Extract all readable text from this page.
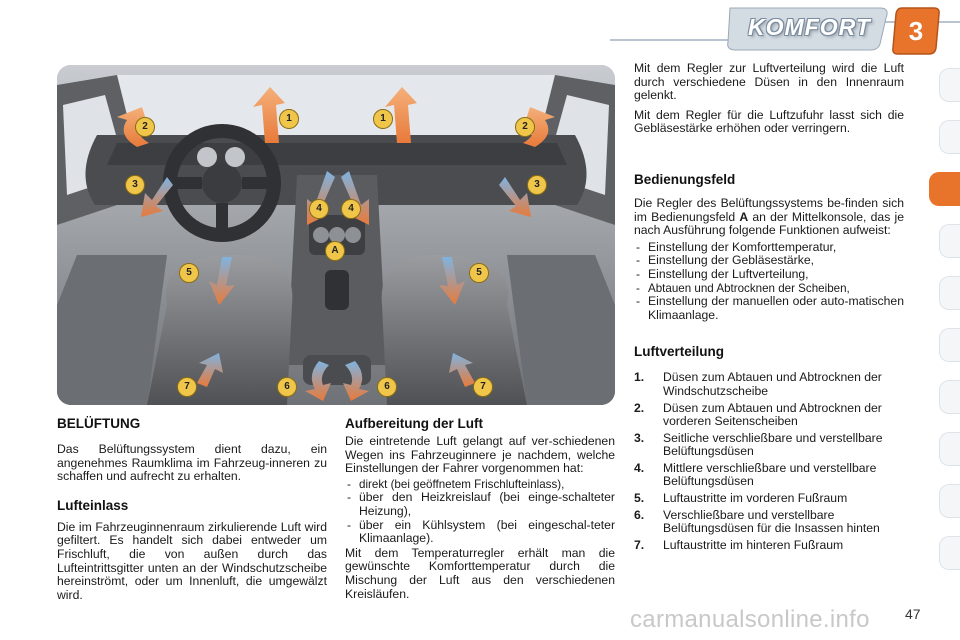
KOMFORT	3
1	1
2	2
3	3
4	4
A
5	5
6	6
7	7
BELÜFTUNG

Das Belüftungssystem dient dazu, ein angenehmes Raumklima im Fahrzeug-inneren zu schaffen und aufrecht zu erhalten.

Lufteinlass

Die im Fahrzeuginnenraum zirkulierende Luft wird gefiltert. Es handelt sich dabei entweder um Frischluft, die von außen durch das Lufteintrittsgitter unten an der Windschutzscheibe hereinströmt, oder um Innenluft, die umgewälzt wird.

Aufbereitung der Luft

Die eintretende Luft gelangt auf ver-schiedenen Wegen ins Fahrzeuginnere je nachdem, welche Einstellungen der Fahrer vorgenommen hat:

- direkt (bei geöffnetem Frischlufteinlass),
- über den Heizkreislauf (bei einge-schalteter Heizung),
- über ein Kühlsystem (bei eingeschal-teter Klimaanlage).

Mit dem Temperaturregler erhält man die gewünschte Komforttemperatur durch die Mischung der Luft aus den verschiedenen Kreisläufen.

Mit dem Regler zur Luftverteilung wird die Luft durch verschiedene Düsen in den Innenraum gelenkt.

Mit dem Regler für die Luftzufuhr lasst sich die Gebläsestärke erhöhen oder verringern.

Bedienungsfeld

Die Regler des Belüftungssystems be-finden sich im Bedienungsfeld A an der Mittelkonsole, das je nach Ausführung folgende Funktionen aufweist:

- Einstellung der Komforttemperatur,
- Einstellung der Gebläsestärke,
- Einstellung der Luftverteilung,
- Abtauen und Abtrocknen der Scheiben,
- Einstellung der manuellen oder auto-matischen Klimaanlage.
Luftverteilung
1. Düsen zum Abtauen und Abtrocknen der Windschutzscheibe
2. Düsen zum Abtauen und Abtrocknen der vorderen Seitenscheiben
3. Seitliche verschließbare und verstellbare Belüftungsdüsen
4. Mittlere verschließbare und verstellbare Belüftungsdüsen
5. Luftaustritte im vorderen Fußraum
6. Verschließbare und verstellbare Belüftungsdüsen für die Insassen hinten
7. Luftaustritte im hinteren Fußraum
carmanualsonline.info	47
